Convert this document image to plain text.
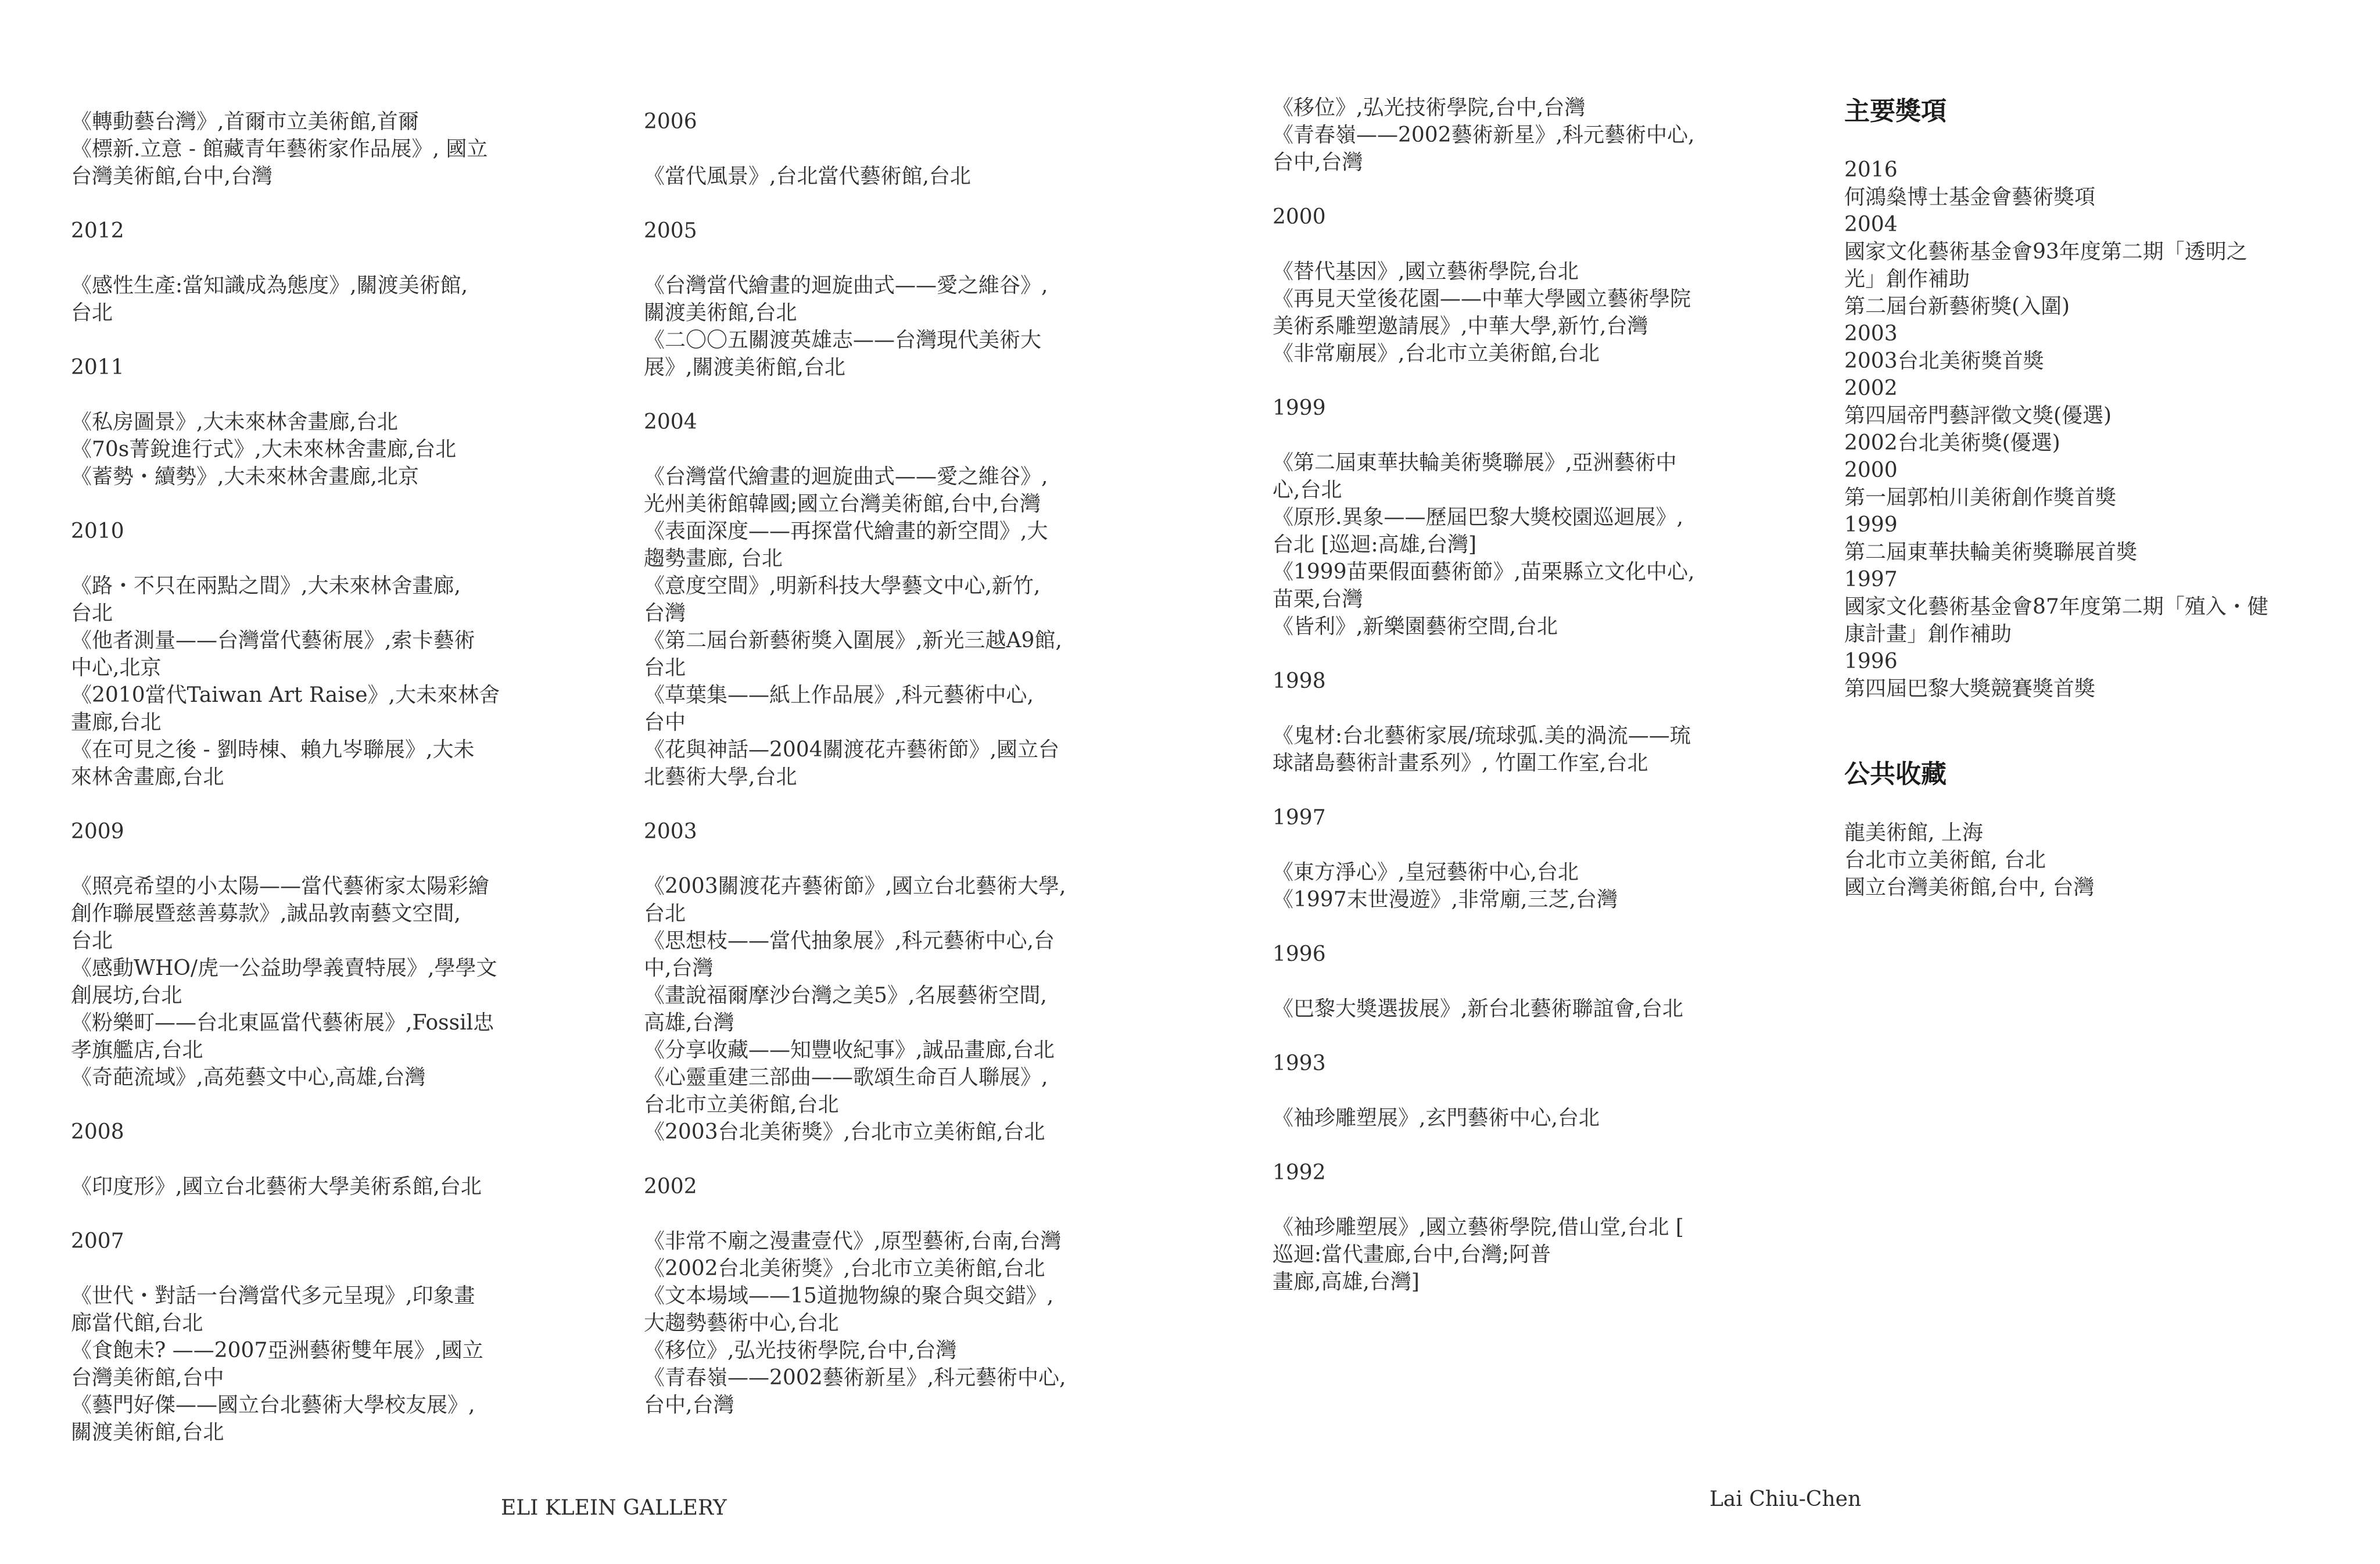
《轉動藝台灣》,首爾市立美術館,首爾
《標新.立意 - 館藏青年藝術家作品展》, 國立
台灣美術館,台中,台灣
2012
《感性生產:當知識成為態度》,關渡美術館,
台北
2011
《私房圖景》,大未來林舍畫廊,台北
《70s菁銳進行式》,大未來林舍畫廊,台北
《蓄勢・續勢》,大未來林舍畫廊,北京
2010
《路・不只在兩點之間》,大未來林舍畫廊,
台北
《他者測量——台灣當代藝術展》,索卡藝術
中心,北京
《2010當代Taiwan Art Raise》,大未來林舍
畫廊,台北
《在可見之後 - 劉時棟、賴九岑聯展》,大未
來林舍畫廊,台北
2009
《照亮希望的小太陽——當代藝術家太陽彩繪
創作聯展暨慈善募款》,誠品敦南藝文空間,
台北
《感動WHO/虎一公益助學義賣特展》,學學文
創展坊,台北
《粉樂町——台北東區當代藝術展》,Fossil忠
孝旗艦店,台北
《奇葩流域》,高苑藝文中心,高雄,台灣
2008
《印度形》,國立台北藝術大學美術系館,台北
2007
《世代・對話一台灣當代多元呈現》,印象畫
廊當代館,台北
《食飽未? ——2007亞洲藝術雙年展》,國立
台灣美術館,台中
《藝門好傑——國立台北藝術大學校友展》,
關渡美術館,台北
2006
《當代風景》,台北當代藝術館,台北
2005
《台灣當代繪畫的迴旋曲式——愛之維谷》,
關渡美術館,台北
《二〇〇五關渡英雄志——台灣現代美術大
展》,關渡美術館,台北
2004
《台灣當代繪畫的迴旋曲式——愛之維谷》,
光州美術館韓國;國立台灣美術館,台中,台灣
《表面深度——再探當代繪畫的新空間》,大
趨勢畫廊, 台北
《意度空間》,明新科技大學藝文中心,新竹,
台灣
《第二屆台新藝術獎入圍展》,新光三越A9館,
台北
《草葉集——紙上作品展》,科元藝術中心,
台中
《花與神話—2004關渡花卉藝術節》,國立台
北藝術大學,台北
2003
《2003關渡花卉藝術節》,國立台北藝術大學,
台北
《思想枝——當代抽象展》,科元藝術中心,台
中,台灣
《畫說福爾摩沙台灣之美5》,名展藝術空間,
高雄,台灣
《分享收藏——知豐收紀事》,誠品畫廊,台北
《心靈重建三部曲——歌頌生命百人聯展》,
台北市立美術館,台北
《2003台北美術獎》,台北市立美術館,台北
2002
《非常不廟之漫畫壹代》,原型藝術,台南,台灣
《2002台北美術獎》,台北市立美術館,台北
《文本場域——15道拋物線的聚合與交錯》,
大趨勢藝術中心,台北
《移位》,弘光技術學院,台中,台灣
《青春嶺——2002藝術新星》,科元藝術中心,
台中,台灣
ELI KLEIN GALLERY
《移位》,弘光技術學院,台中,台灣
《青春嶺——2002藝術新星》,科元藝術中心,
台中,台灣
2000
《替代基因》,國立藝術學院,台北
《再見天堂後花園——中華大學國立藝術學院
美術系雕塑邀請展》,中華大學,新竹,台灣
《非常廟展》,台北市立美術館,台北
1999
《第二屆東華扶輪美術獎聯展》,亞洲藝術中
心,台北
《原形.異象——歷屆巴黎大獎校園巡迴展》,
台北 [巡迴:高雄,台灣]
《1999苗栗假面藝術節》,苗栗縣立文化中心,
苗栗,台灣
《皆利》,新樂園藝術空間,台北
1998
《鬼材:台北藝術家展/琉球弧.美的渦流——琉
球諸島藝術計畫系列》, 竹圍工作室,台北
1997
《東方淨心》,皇冠藝術中心,台北
《1997末世漫遊》,非常廟,三芝,台灣
1996
《巴黎大獎選拔展》,新台北藝術聯誼會,台北
1993
《袖珍雕塑展》,玄門藝術中心,台北
1992
《袖珍雕塑展》,國立藝術學院,借山堂,台北 [
巡迴:當代畫廊,台中,台灣;阿普
畫廊,高雄,台灣]
主要獎項
2016
何鴻燊博士基金會藝術獎項
2004
國家文化藝術基金會93年度第二期「透明之
光」創作補助
第二屆台新藝術獎(入圍)
2003
2003台北美術獎首獎
2002
第四屆帝門藝評徵文獎(優選)
2002台北美術獎(優選)
2000
第一屆郭柏川美術創作獎首獎
1999
第二屆東華扶輪美術獎聯展首獎
1997
國家文化藝術基金會87年度第二期「殖入・健
康計畫」創作補助
1996
第四屆巴黎大獎競賽獎首獎
公共收藏
龍美術館, 上海
台北市立美術館, 台北
國立台灣美術館,台中, 台灣
Lai Chiu-Chen
